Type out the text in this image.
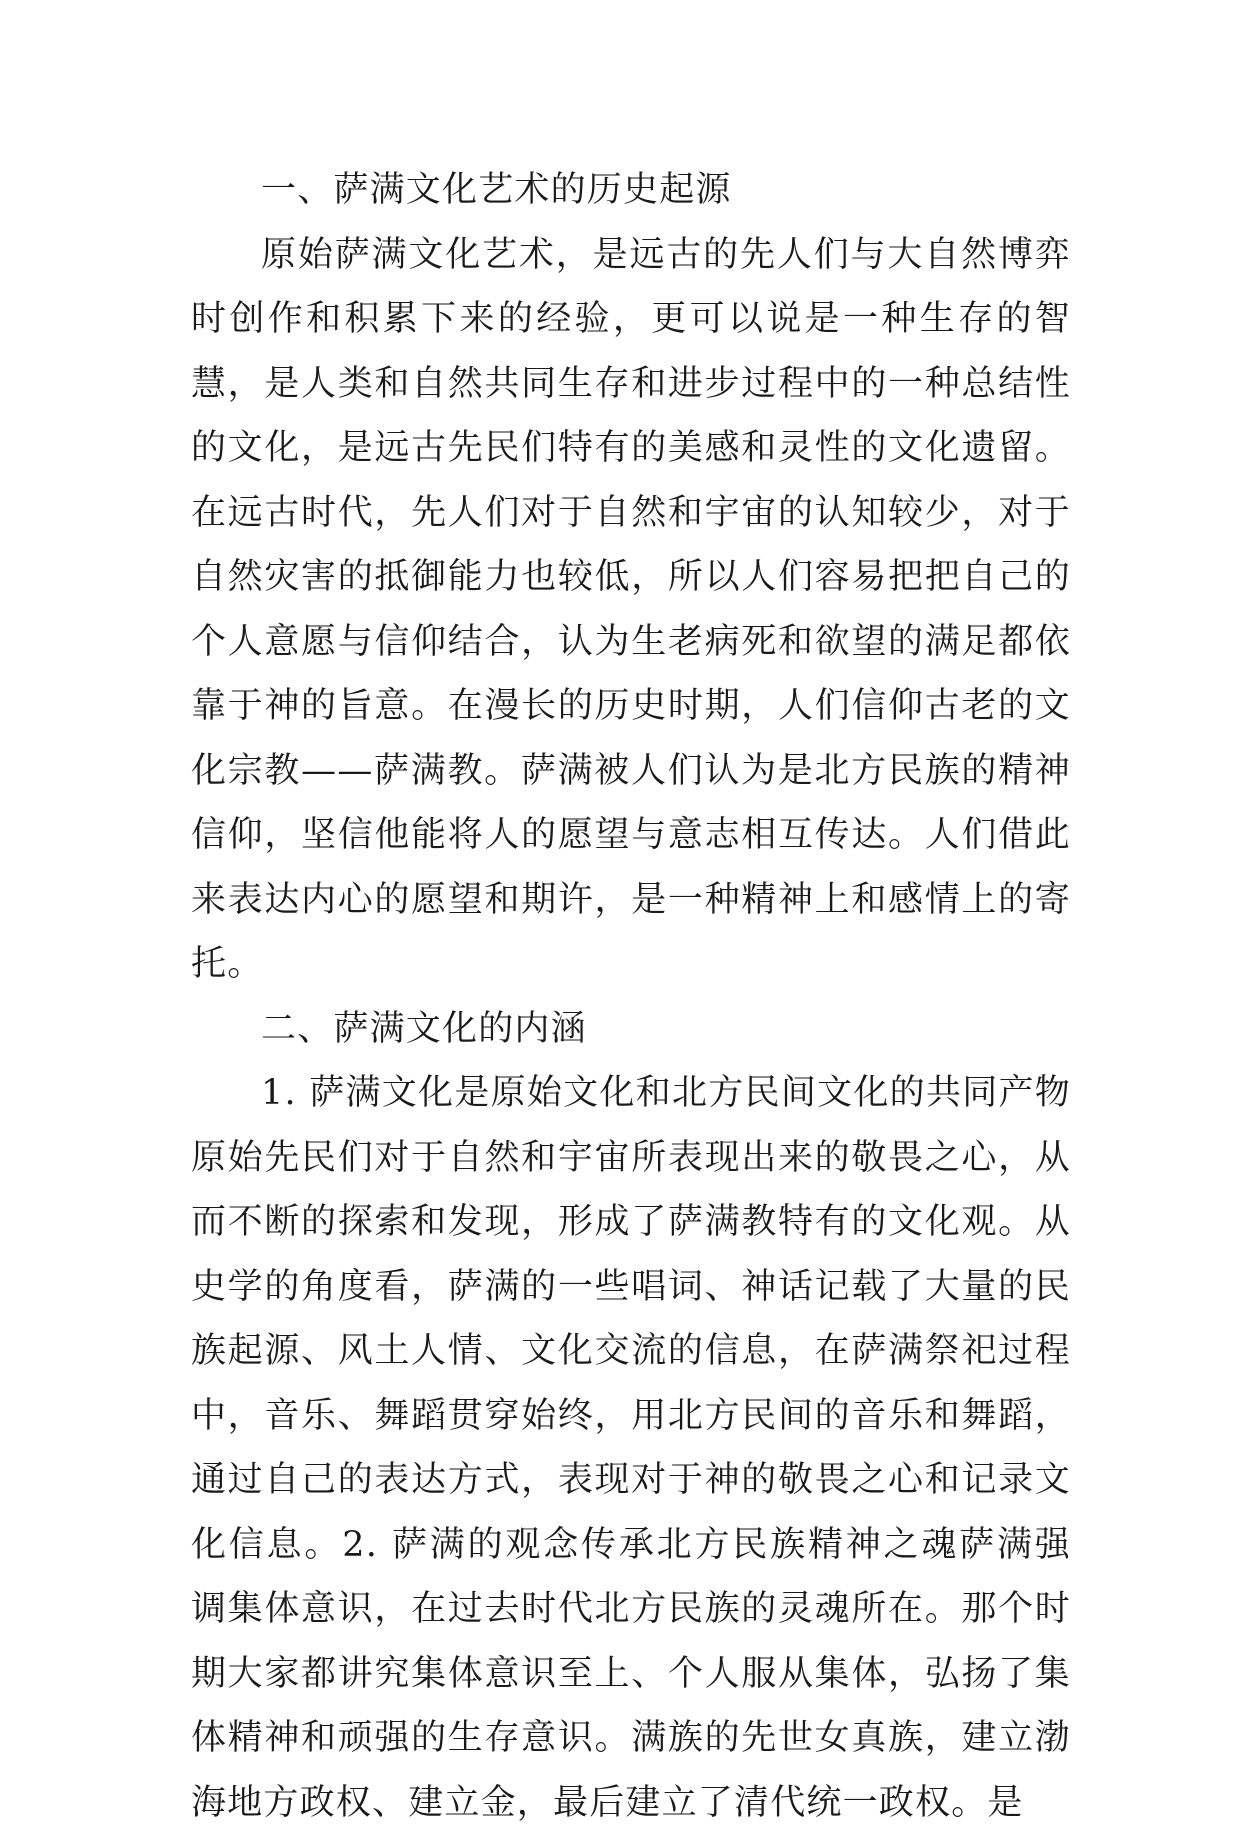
一、萨满文化艺术的历史起源

原始萨满文化艺术，是远古的先人们与大自然博弈时创作和积累下来的经验，更可以说是一种生存的智慧，是人类和自然共同生存和进步过程中的一种总结性的文化，是远古先民们特有的美感和灵性的文化遗留。在远古时代，先人们对于自然和宇宙的认知较少，对于自然灾害的抵御能力也较低，所以人们容易把把自己的个人意愿与信仰结合，认为生老病死和欲望的满足都依靠于神的旨意。在漫长的历史时期，人们信仰古老的文化宗教——萨满教。萨满被人们认为是北方民族的精神信仰，坚信他能将人的愿望与意志相互传达。人们借此来表达内心的愿望和期许，是一种精神上和感情上的寄托。

二、萨满文化的内涵

1. 萨满文化是原始文化和北方民间文化的共同产物原始先民们对于自然和宇宙所表现出来的敬畏之心，从而不断的探索和发现，形成了萨满教特有的文化观。从史学的角度看，萨满的一些唱词、神话记载了大量的民族起源、风土人情、文化交流的信息，在萨满祭祀过程中，音乐、舞蹈贯穿始终，用北方民间的音乐和舞蹈，通过自己的表达方式，表现对于神的敬畏之心和记录文化信息。2. 萨满的观念传承北方民族精神之魂萨满强调集体意识，在过去时代北方民族的灵魂所在。那个时期大家都讲究集体意识至上、个人服从集体，弘扬了集体精神和顽强的生存意识。满族的先世女真族，建立渤海地方政权、建立金，最后建立了清代统一政权。是
